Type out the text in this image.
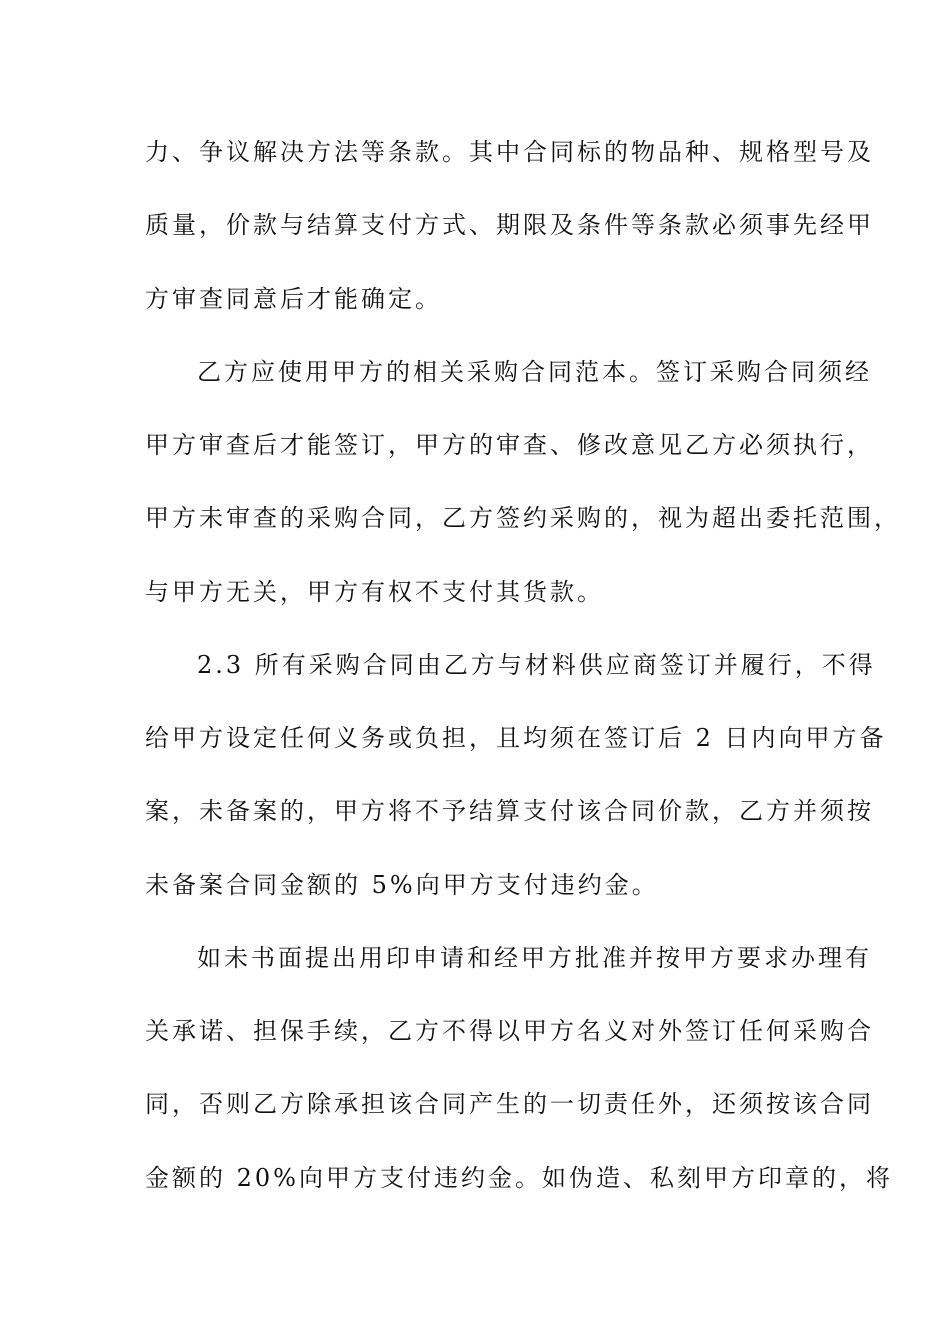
力、争议解决方法等条款。其中合同标的物品种、规格型号及
质量，价款与结算支付方式、期限及条件等条款必须事先经甲
方审查同意后才能确定。
乙方应使用甲方的相关采购合同范本。签订采购合同须经
甲方审查后才能签订，甲方的审查、修改意见乙方必须执行，
甲方未审查的采购合同，乙方签约采购的，视为超出委托范围，
与甲方无关，甲方有权不支付其货款。
2.3 所有采购合同由乙方与材料供应商签订并履行，不得
给甲方设定任何义务或负担，且均须在签订后 2 日内向甲方备
案，未备案的，甲方将不予结算支付该合同价款，乙方并须按
未备案合同金额的 5%向甲方支付违约金。
如未书面提出用印申请和经甲方批准并按甲方要求办理有
关承诺、担保手续，乙方不得以甲方名义对外签订任何采购合
同，否则乙方除承担该合同产生的一切责任外，还须按该合同
金额的 20%向甲方支付违约金。如伪造、私刻甲方印章的，将
